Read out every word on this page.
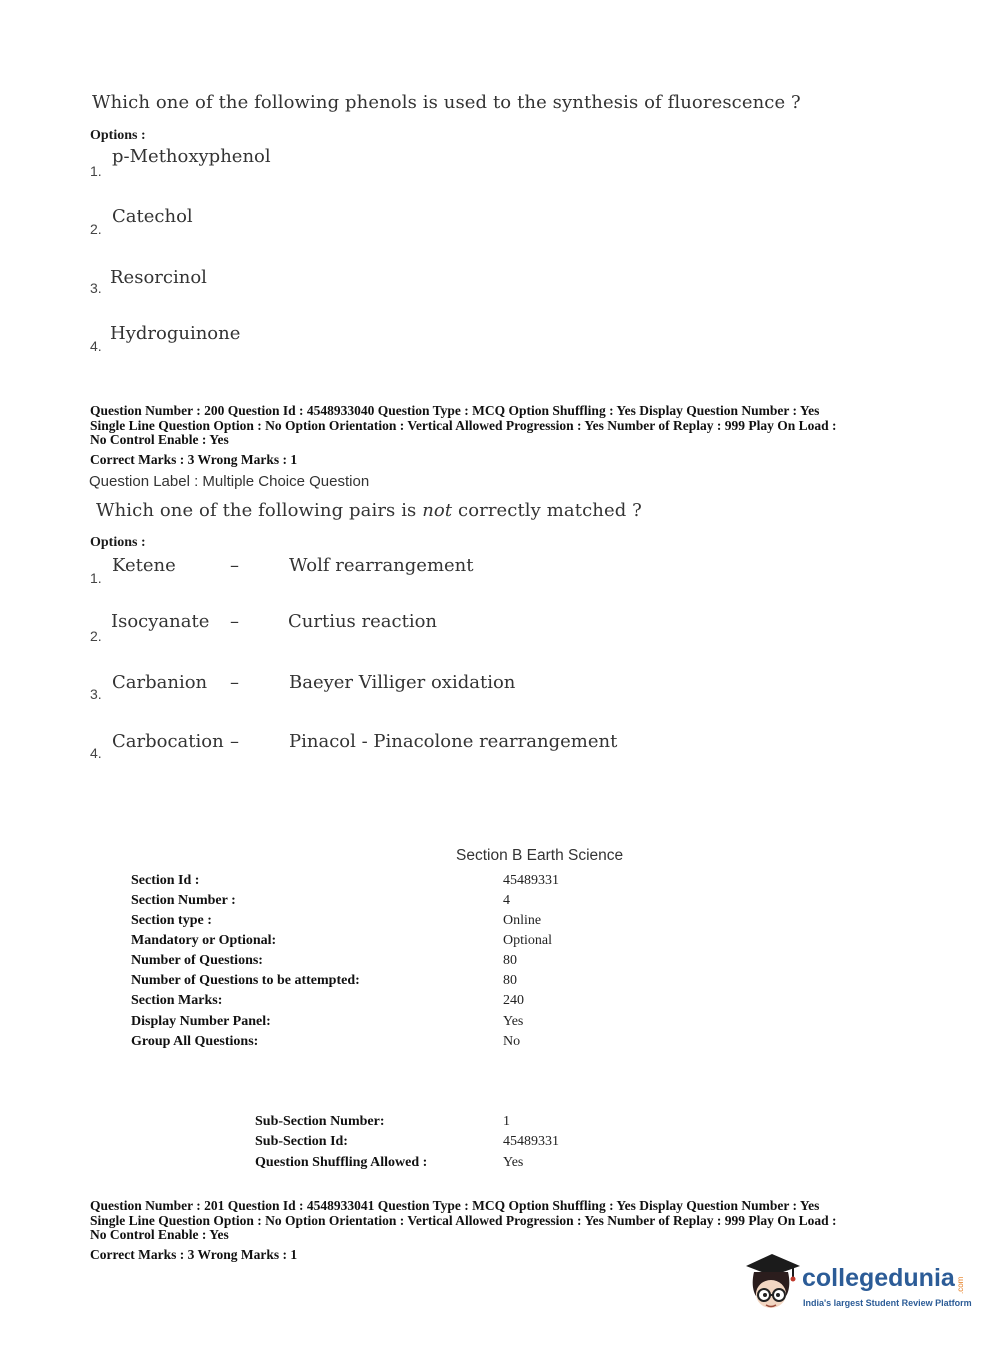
Which one of the following phenols is used to the synthesis of fluorescence ?
Options :
1.
p-Methoxyphenol
2.
Catechol
3. Resorcinol
4.
Hydroguinone
Question Number : 200 Question Id : 4548933040 Question Type : MCQ Option Shuffling : Yes Display Question Number : Yes
Single Line Question Option : No Option Orientation : Vertical Allowed Progression : Yes Number of Replay : 999 Play On Load :
No Control Enable : Yes
Correct Marks : 3 Wrong Marks : 1
Question Label : Multiple Choice Question
Which one of the following pairs is not correctly matched ?
Options :
1.
Ketene	–	Wolf rearrangement
2.
Isocyanate –	Curtius reaction
3.
Carbanion –	Baeyer Villiger oxidation
4.
Carbocation –	Pinacol - Pinacolone rearrangement
Section B Earth Science
Section Id :	45489331
Section Number :	4
Section type :	Online
Mandatory or Optional:	Optional
Number of Questions:	80
Number of Questions to be attempted:	80
Section Marks:	240
Display Number Panel:	Yes
Group All Questions:	No
Sub-Section Number:	1
Sub-Section Id:	45489331
Question Shuffling Allowed :	Yes
Question Number : 201 Question Id : 4548933041 Question Type : MCQ Option Shuffling : Yes Display Question Number : Yes
Single Line Question Option : No Option Orientation : Vertical Allowed Progression : Yes Number of Replay : 999 Play On Load :
No Control Enable : Yes
Correct Marks : 3 Wrong Marks : 1
collegedunia .com
India's largest Student Review Platform
